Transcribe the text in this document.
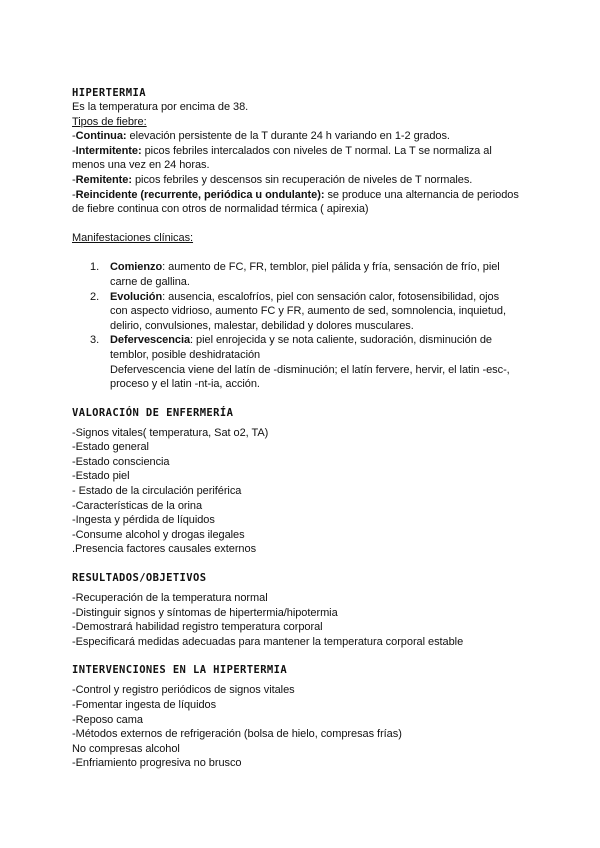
HIPERTERMIA

Es la temperatura por encima de 38.

Tipos de fiebre:

-Continua: elevación persistente de la T durante 24 h variando en 1-2 grados.

-Intermitente: picos febriles intercalados con niveles de T normal. La T se normaliza al

menos una vez en 24 horas.

-Remitente: picos febriles y descensos sin recuperación de niveles de T normales.

-Reincidente (recurrente, periódica u ondulante): se produce una alternancia de periodos

de fiebre continua con otros de normalidad térmica ( apirexia)

Manifestaciones clínicas:

1. Comienzo: aumento de FC, FR, temblor, piel pálida y fría, sensación de frío, piel
carne de gallina.
2. Evolución: ausencia, escalofríos, piel con sensación calor, fotosensibilidad, ojos
con aspecto vidrioso, aumento FC y FR, aumento de sed, somnolencia, inquietud,
delirio, convulsiones, malestar, debilidad y dolores musculares.
3. Defervescencia: piel enrojecida y se nota caliente, sudoración, disminución de
temblor, posible deshidratación
Defervescencia viene del latín de -disminución; el latín fervere, hervir, el latin -esc-,
proceso y el latin -nt-ia, acción.

VALORACIÓN DE ENFERMERÍA

-Signos vitales( temperatura, Sat o2, TA)

-Estado general

-Estado consciencia

-Estado piel

- Estado de la circulación periférica

-Características de la orina

-Ingesta y pérdida de líquidos

-Consume alcohol y drogas ilegales

.Presencia factores causales externos

RESULTADOS/OBJETIVOS

-Recuperación de la temperatura normal

-Distinguir signos y síntomas de hipertermia/hipotermia

-Demostrará habilidad registro temperatura corporal

-Especificará medidas adecuadas para mantener la temperatura corporal estable

INTERVENCIONES EN LA HIPERTERMIA

-Control y registro periódicos de signos vitales

-Fomentar ingesta de líquidos

-Reposo cama

-Métodos externos de refrigeración (bolsa de hielo, compresas frías)

No compresas alcohol

-Enfriamiento progresiva no brusco
